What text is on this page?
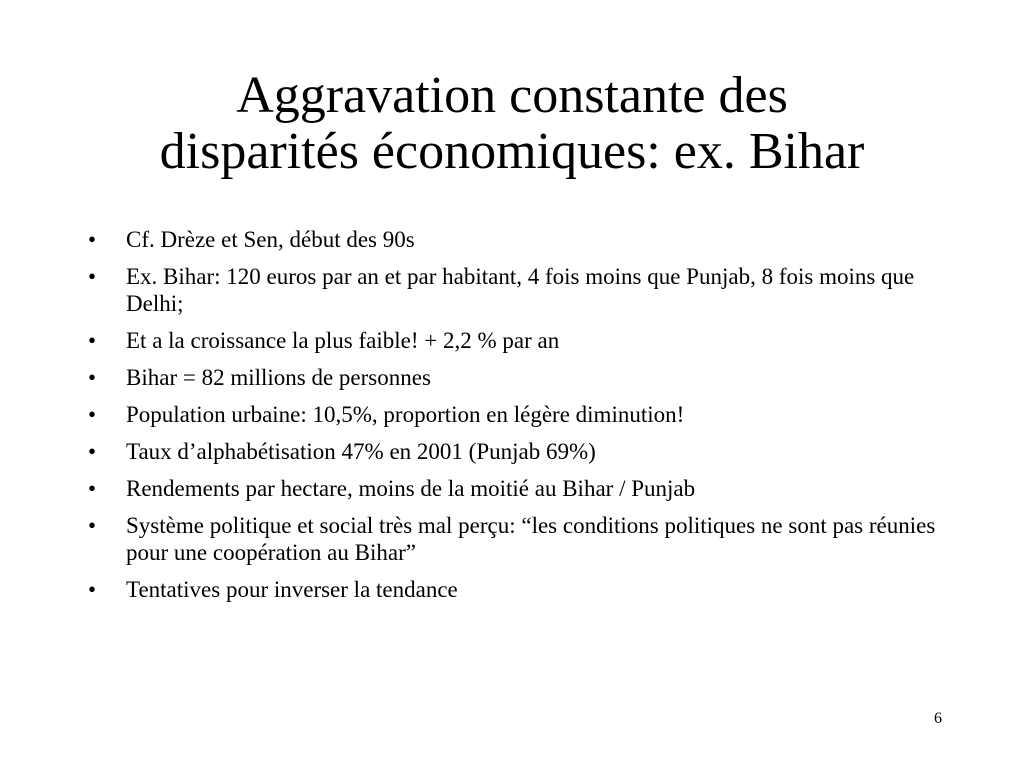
Aggravation constante des
disparités économiques: ex. Bihar
• Cf. Drèze et Sen, début des 90s
• Ex. Bihar: 120 euros par an et par habitant, 4 fois moins que Punjab, 8 fois moins que Delhi;
• Et a la croissance la plus faible! + 2,2 % par an
• Bihar = 82 millions de personnes
• Population urbaine: 10,5%, proportion en légère diminution!
• Taux d’alphabétisation 47% en 2001 (Punjab 69%)
• Rendements par hectare, moins de la moitié au Bihar / Punjab
• Système politique et social très mal perçu: “les conditions politiques ne sont pas réunies pour une coopération au Bihar”
• Tentatives pour inverser la tendance
6
